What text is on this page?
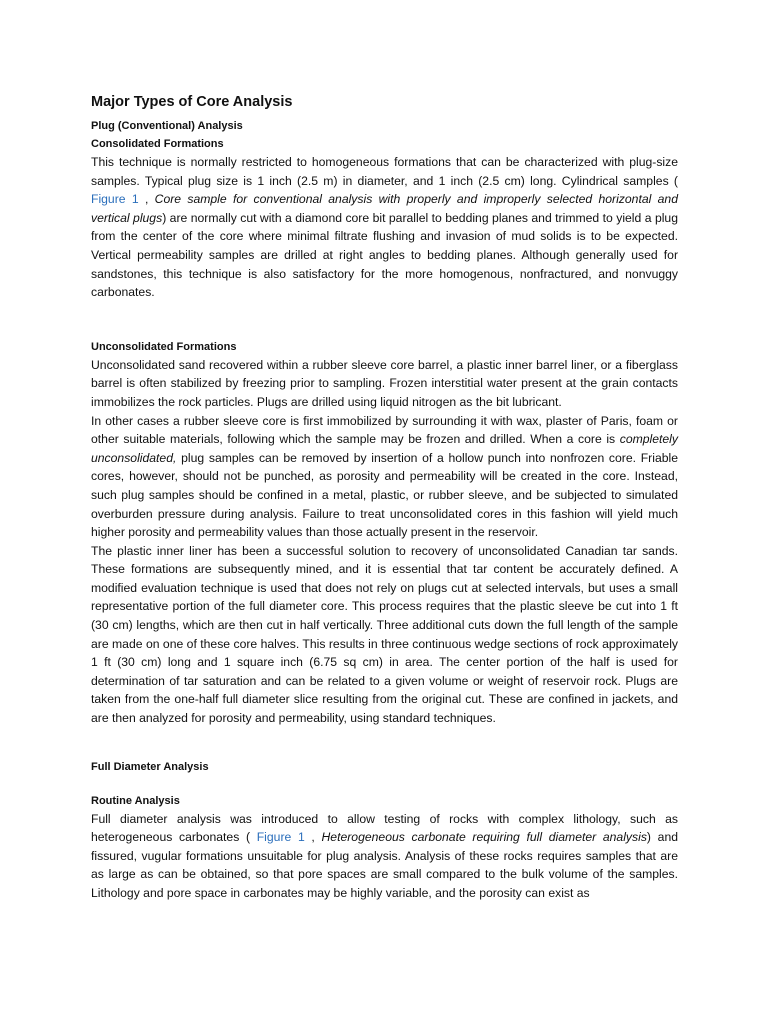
Major Types of Core Analysis
Plug (Conventional) Analysis
Consolidated Formations

This technique is normally restricted to homogeneous formations that can be characterized with plug-size samples. Typical plug size is 1 inch (2.5 m) in diameter, and 1 inch (2.5 cm) long. Cylindrical samples ( Figure 1 , Core sample for conventional analysis with properly and improperly selected horizontal and vertical plugs) are normally cut with a diamond core bit parallel to bedding planes and trimmed to yield a plug from the center of the core where minimal filtrate flushing and invasion of mud solids is to be expected. Vertical permeability samples are drilled at right angles to bedding planes. Although generally used for sandstones, this technique is also satisfactory for the more homogenous, nonfractured, and nonvuggy carbonates.

Unconsolidated Formations

Unconsolidated sand recovered within a rubber sleeve core barrel, a plastic inner barrel liner, or a fiberglass barrel is often stabilized by freezing prior to sampling. Frozen interstitial water present at the grain contacts immobilizes the rock particles. Plugs are drilled using liquid nitrogen as the bit lubricant.

In other cases a rubber sleeve core is first immobilized by surrounding it with wax, plaster of Paris, foam or other suitable materials, following which the sample may be frozen and drilled. When a core is completely unconsolidated, plug samples can be removed by insertion of a hollow punch into nonfrozen core. Friable cores, however, should not be punched, as porosity and permeability will be created in the core. Instead, such plug samples should be confined in a metal, plastic, or rubber sleeve, and be subjected to simulated overburden pressure during analysis. Failure to treat unconsolidated cores in this fashion will yield much higher porosity and permeability values than those actually present in the reservoir.

The plastic inner liner has been a successful solution to recovery of unconsolidated Canadian tar sands. These formations are subsequently mined, and it is essential that tar content be accurately defined. A modified evaluation technique is used that does not rely on plugs cut at selected intervals, but uses a small representative portion of the full diameter core. This process requires that the plastic sleeve be cut into 1 ft (30 cm) lengths, which are then cut in half vertically. Three additional cuts down the full length of the sample are made on one of these core halves. This results in three continuous wedge sections of rock approximately 1 ft (30 cm) long and 1 square inch (6.75 sq cm) in area. The center portion of the half is used for determination of tar saturation and can be related to a given volume or weight of reservoir rock. Plugs are taken from the one-half full diameter slice resulting from the original cut. These are confined in jackets, and are then analyzed for porosity and permeability, using standard techniques.

Full Diameter Analysis
Routine Analysis

Full diameter analysis was introduced to allow testing of rocks with complex lithology, such as heterogeneous carbonates ( Figure 1 , Heterogeneous carbonate requiring full diameter analysis) and fissured, vugular formations unsuitable for plug analysis. Analysis of these rocks requires samples that are as large as can be obtained, so that pore spaces are small compared to the bulk volume of the samples. Lithology and pore space in carbonates may be highly variable, and the porosity can exist as
